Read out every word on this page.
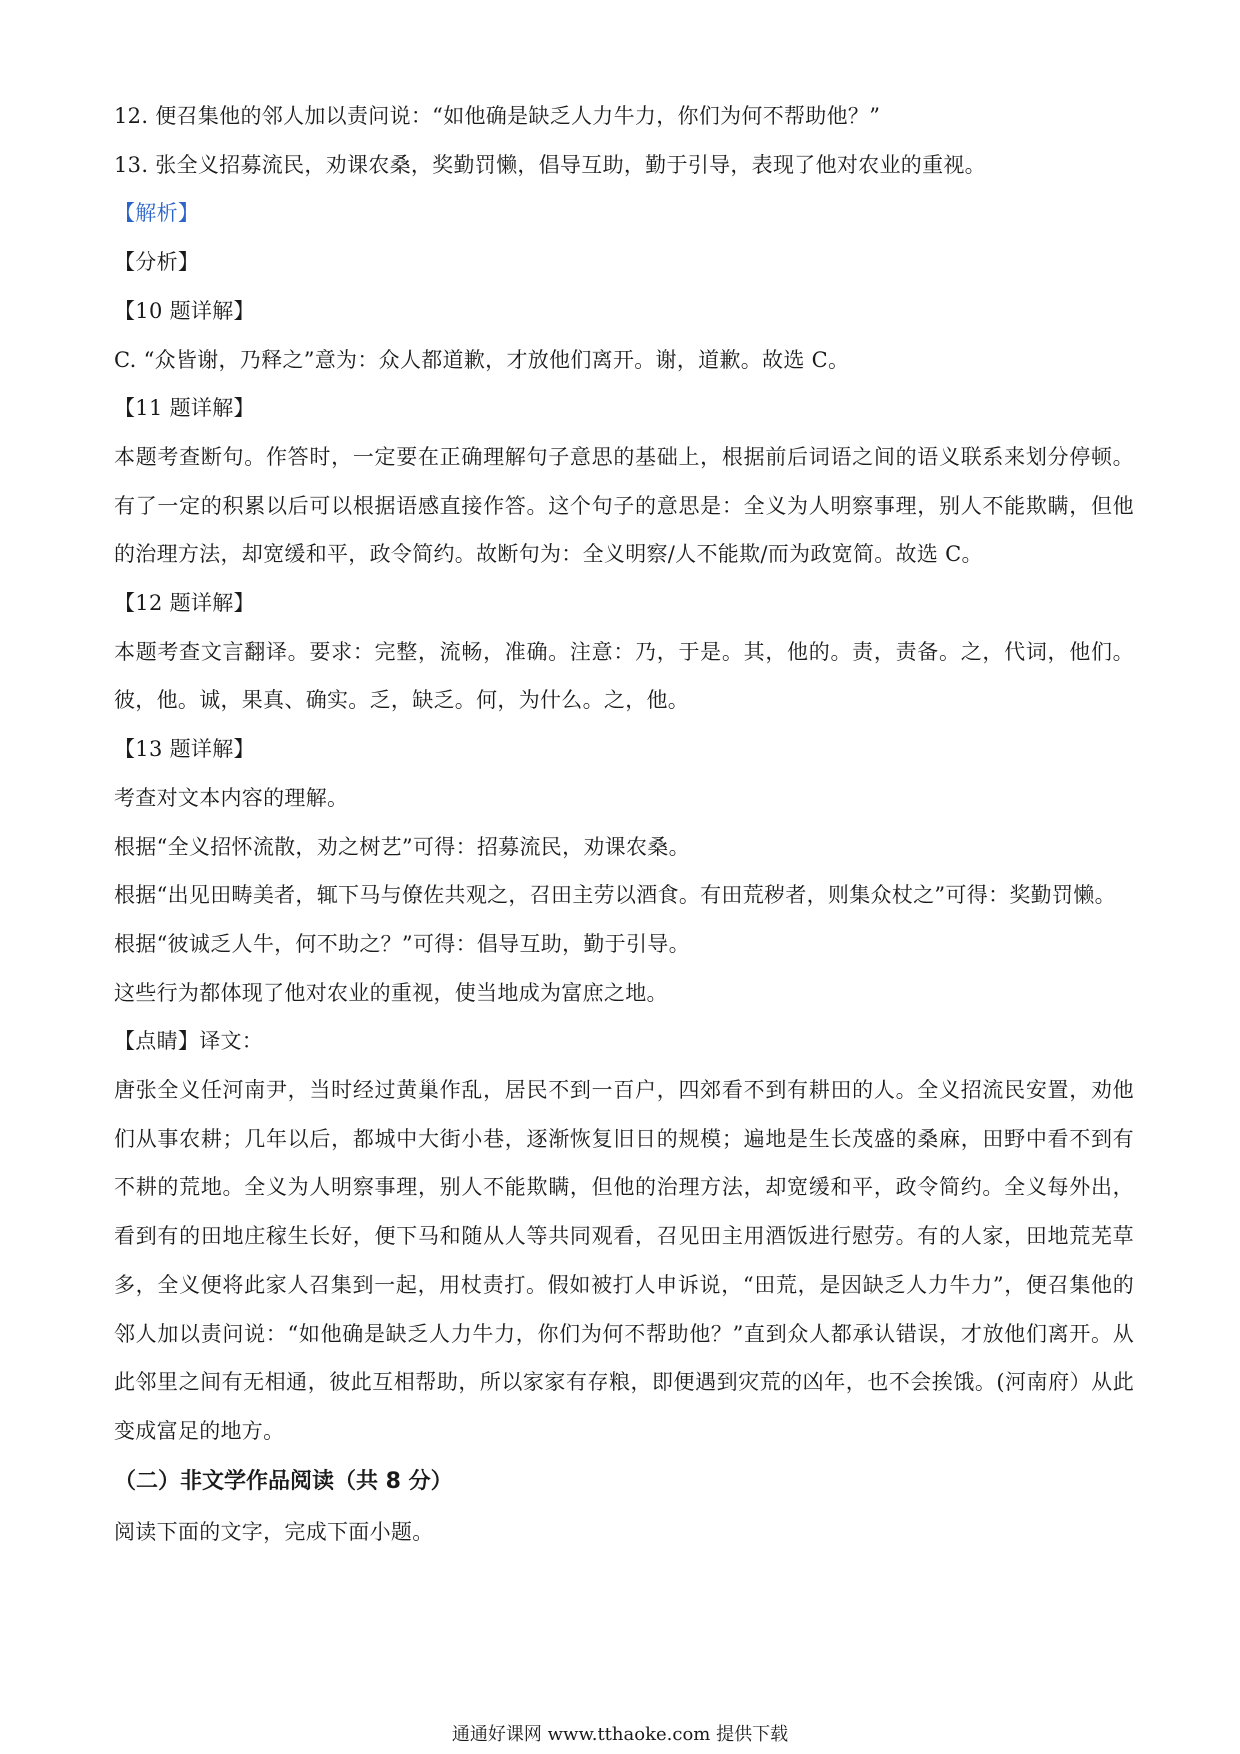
12. 便召集他的邻人加以责问说：“如他确是缺乏人力牛力，你们为何不帮助他？”
13. 张全义招募流民，劝课农桑，奖勤罚懒，倡导互助，勤于引导，表现了他对农业的重视。
【解析】
【分析】
【10 题详解】
C. “众皆谢，乃释之”意为：众人都道歉，才放他们离开。谢，道歉。故选 C。
【11 题详解】
本题考查断句。作答时，一定要在正确理解句子意思的基础上，根据前后词语之间的语义联系来划分停顿。有了一定的积累以后可以根据语感直接作答。这个句子的意思是：全义为人明察事理，别人不能欺瞒，但他的治理方法，却宽缓和平，政令简约。故断句为：全义明察/人不能欺/而为政宽简。故选 C。
【12 题详解】
本题考查文言翻译。要求：完整，流畅，准确。注意：乃，于是。其，他的。责，责备。之，代词，他们。彼，他。诚，果真、确实。乏，缺乏。何，为什么。之，他。
【13 题详解】
考查对文本内容的理解。
根据“全义招怀流散，劝之树艺”可得：招募流民，劝课农桑。
根据“出见田畴美者，辄下马与僚佐共观之，召田主劳以酒食。有田荒秽者，则集众杖之”可得：奖勤罚懒。
根据“彼诚乏人牛，何不助之？”可得：倡导互助，勤于引导。
这些行为都体现了他对农业的重视，使当地成为富庶之地。
【点睛】译文：
唐张全义任河南尹，当时经过黄巢作乱，居民不到一百户，四郊看不到有耕田的人。全义招流民安置，劝他们从事农耕；几年以后，都城中大街小巷，逐渐恢复旧日的规模；遍地是生长茂盛的桑麻，田野中看不到有不耕的荒地。全义为人明察事理，别人不能欺瞒，但他的治理方法，却宽缓和平，政令简约。全义每外出，看到有的田地庄稼生长好，便下马和随从人等共同观看，召见田主用酒饭进行慰劳。有的人家，田地荒芜草多，全义便将此家人召集到一起，用杖责打。假如被打人申诉说，“田荒，是因缺乏人力牛力”，便召集他的邻人加以责问说：“如他确是缺乏人力牛力，你们为何不帮助他？”直到众人都承认错误，才放他们离开。从此邻里之间有无相通，彼此互相帮助，所以家家有存粮，即便遇到灾荒的凶年，也不会挨饿。(河南府）从此变成富足的地方。
（二）非文学作品阅读（共 8 分）
阅读下面的文字，完成下面小题。
通通好课网 www.tthaoke.com 提供下载
